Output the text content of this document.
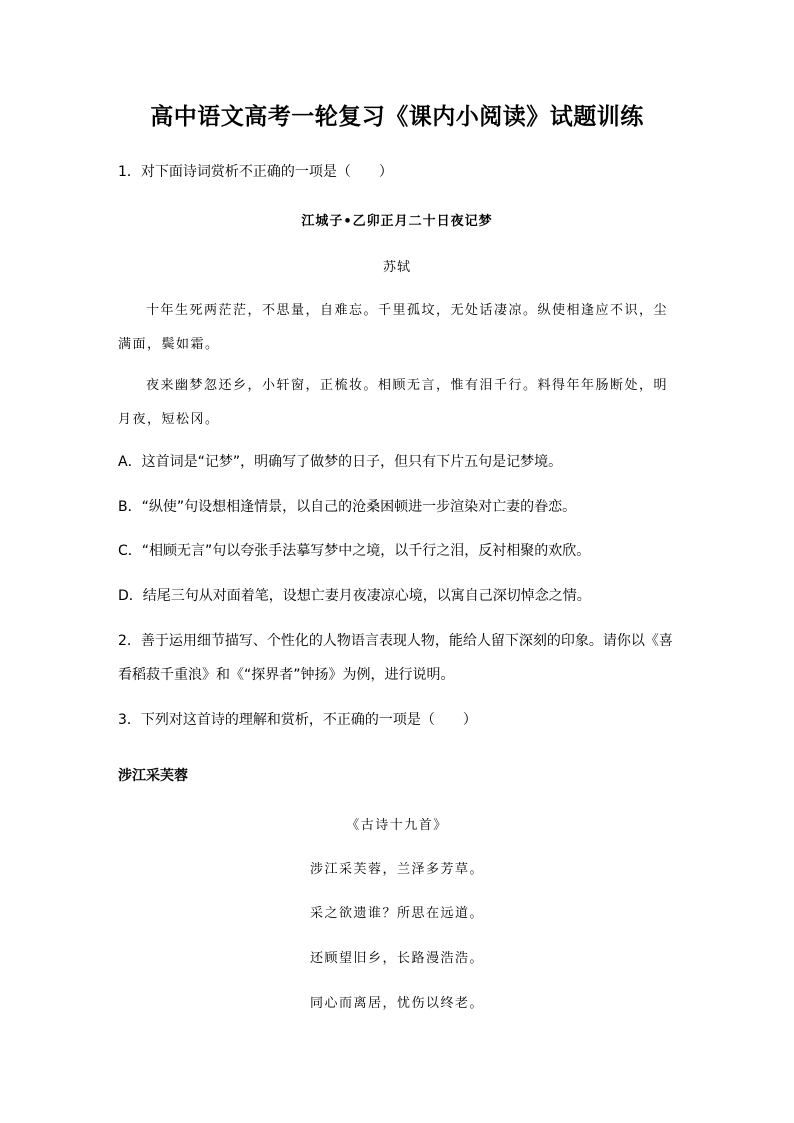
高中语文高考一轮复习《课内小阅读》试题训练
1．对下面诗词赏析不正确的一项是（　　）
江城子•乙卯正月二十日夜记梦
苏轼
十年生死两茫茫，不思量，自难忘。千里孤坟，无处话凄凉。纵使相逢应不识，尘满面，鬓如霜。
夜来幽梦忽还乡，小轩窗，正梳妆。相顾无言，惟有泪千行。料得年年肠断处，明月夜，短松冈。
A．这首词是“记梦”，明确写了做梦的日子，但只有下片五句是记梦境。
B．“纵使”句设想相逢情景，以自己的沧桑困顿进一步渲染对亡妻的眷恋。
C．“相顾无言”句以夸张手法摹写梦中之境，以千行之泪，反衬相聚的欢欣。
D．结尾三句从对面着笔，设想亡妻月夜凄凉心境，以寓自己深切悼念之情。
2．善于运用细节描写、个性化的人物语言表现人物，能给人留下深刻的印象。请你以《喜看稻菽千重浪》和《“探界者”钟扬》为例，进行说明。
3．下列对这首诗的理解和赏析，不正确的一项是（　　）
涉江采芙蓉
《古诗十九首》
涉江采芙蓉，兰泽多芳草。
采之欲遗谁？所思在远道。
还顾望旧乡，长路漫浩浩。
同心而离居，忧伤以终老。
